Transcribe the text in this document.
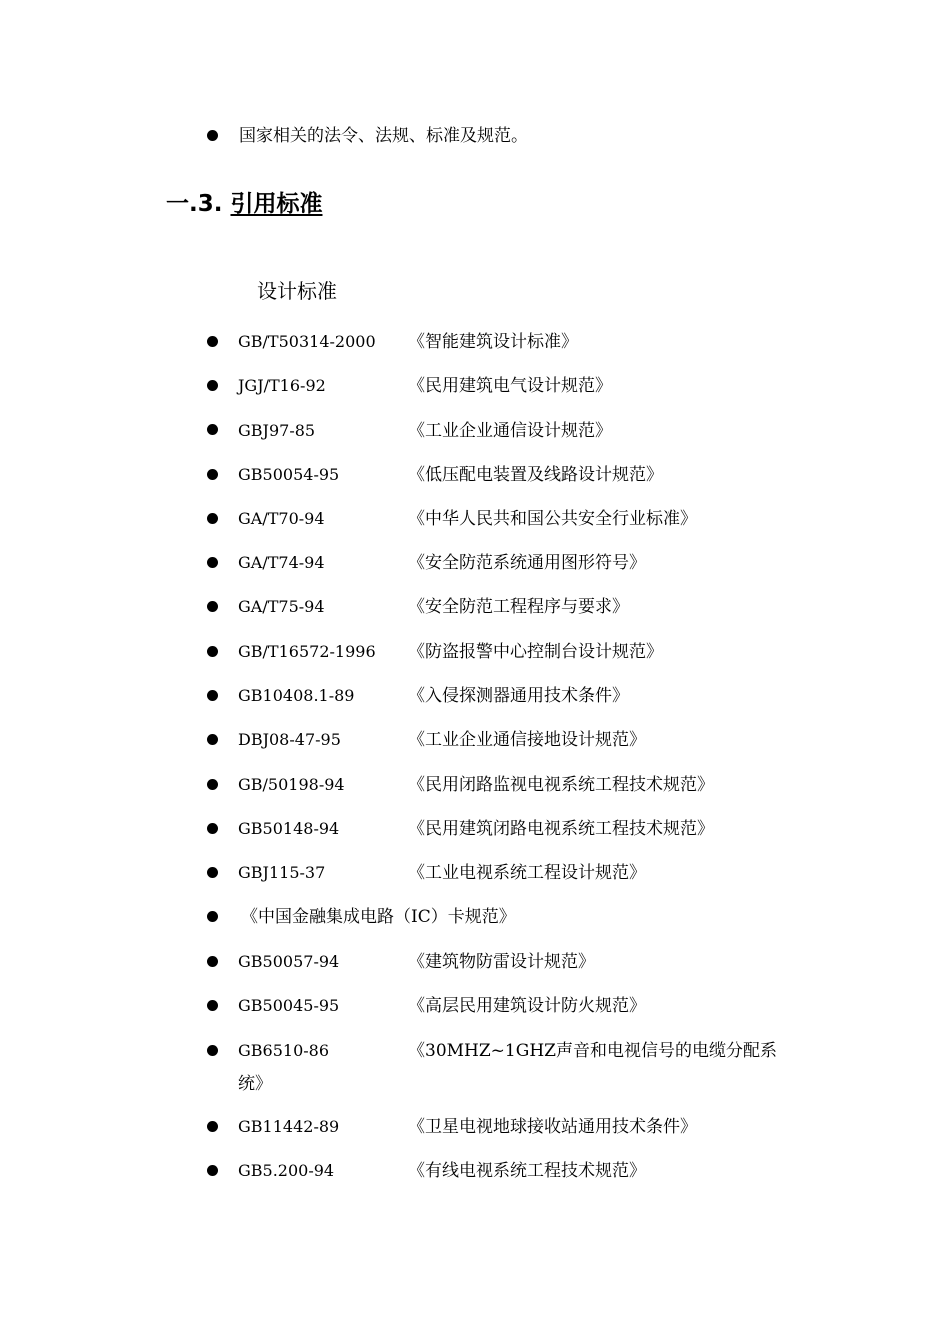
国家相关的法令、法规、标准及规范。
一.3. 引用标准
设计标准
GB/T50314-2000 《智能建筑设计标准》
JGJ/T16-92	《民用建筑电气设计规范》
GBJ97-85	《工业企业通信设计规范》
GB50054-95	《低压配电装置及线路设计规范》
GA/T70-94	《中华人民共和国公共安全行业标准》
GA/T74-94	《安全防范系统通用图形符号》
GA/T75-94	《安全防范工程程序与要求》
GB/T16572-1996 《防盗报警中心控制台设计规范》
GB10408.1-89	《入侵探测器通用技术条件》
DBJ08-47-95	《工业企业通信接地设计规范》
GB/50198-94	《民用闭路监视电视系统工程技术规范》
GB50148-94	《民用建筑闭路电视系统工程技术规范》
GBJ115-37	《工业电视系统工程设计规范》
《中国金融集成电路（IC）卡规范》
GB50057-94	《建筑物防雷设计规范》
GB50045-95	《高层民用建筑设计防火规范》
GB6510-86	《30MHZ~1GHZ声音和电视信号的电缆分配系
统》
GB11442-89	《卫星电视地球接收站通用技术条件》
GB5.200-94	《有线电视系统工程技术规范》
